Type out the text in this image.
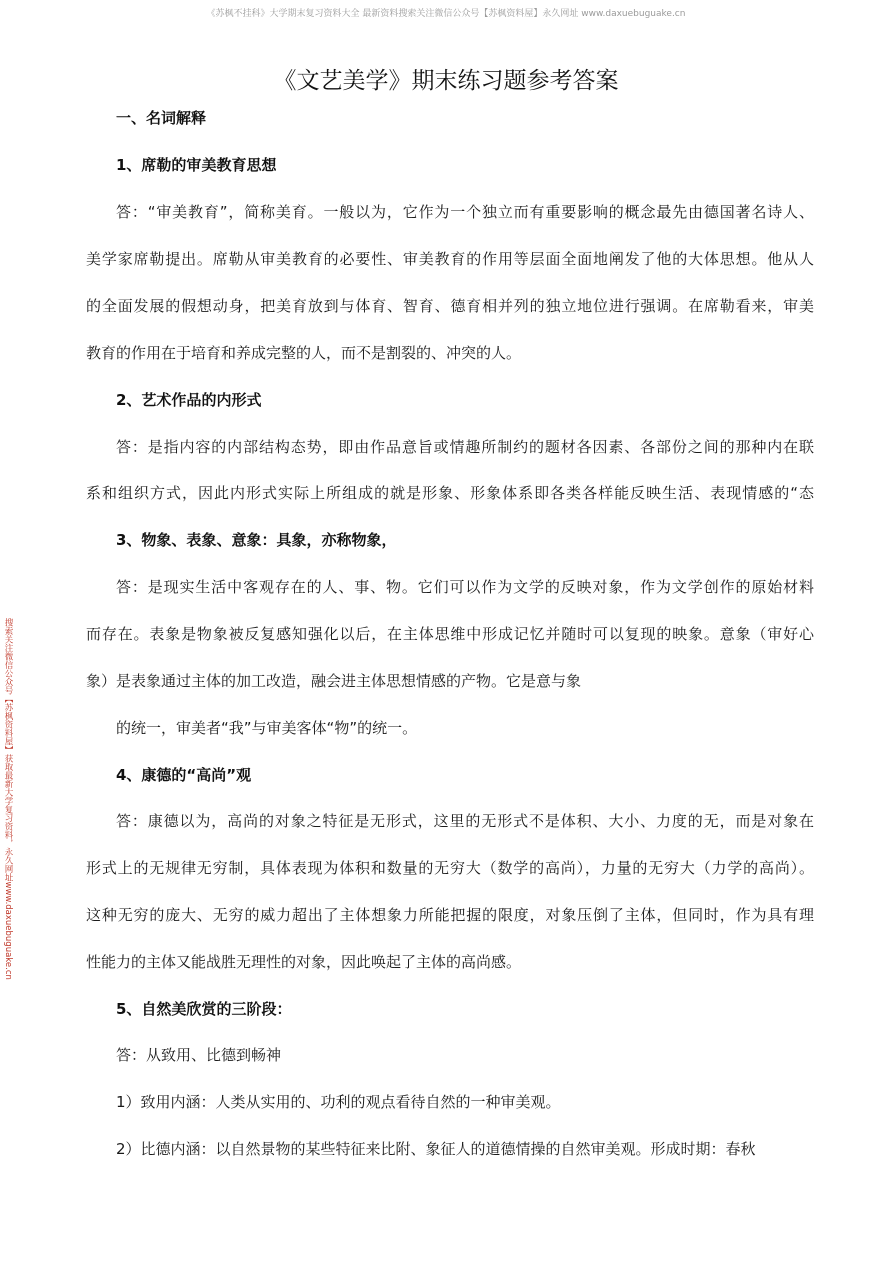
《苏枫不挂科》大学期末复习资料大全 最新资料搜索关注微信公众号【苏枫资料屋】永久网址 www.daxuebuguake.cn
搜索关注微信公众号【苏枫资料屋】获取最新大学复习资料，永久网址www.daxuebuguake.cn
《文艺美学》期末练习题参考答案
一、名词解释
1、席勒的审美教育思想
答：“审美教育”，简称美育。一般以为，它作为一个独立而有重要影响的概念最先由德国著名诗人、
美学家席勒提出。席勒从审美教育的必要性、审美教育的作用等层面全面地阐发了他的大体思想。他从人
的全面发展的假想动身，把美育放到与体育、智育、德育相并列的独立地位进行强调。在席勒看来，审美
教育的作用在于培育和养成完整的人，而不是割裂的、冲突的人。
2、艺术作品的内形式
答：是指内容的内部结构态势，即由作品意旨或情趣所制约的题材各因素、各部份之间的那种内在联
系和组织方式，因此内形式实际上所组成的就是形象、形象体系即各类各样能反映生活、表现情感的“态
3、物象、表象、意象：具象，亦称物象，
答：是现实生活中客观存在的人、事、物。它们可以作为文学的反映对象，作为文学创作的原始材料
而存在。表象是物象被反复感知强化以后，在主体思维中形成记忆并随时可以复现的映象。意象（审好心
象）是表象通过主体的加工改造，融会进主体思想情感的产物。它是意与象
的统一，审美者“我”与审美客体“物”的统一。
4、康德的“高尚”观
答：康德以为，高尚的对象之特征是无形式，这里的无形式不是体积、大小、力度的无，而是对象在
形式上的无规律无穷制，具体表现为体积和数量的无穷大（数学的高尚），力量的无穷大（力学的高尚）。
这种无穷的庞大、无穷的威力超出了主体想象力所能把握的限度，对象压倒了主体，但同时，作为具有理
性能力的主体又能战胜无理性的对象，因此唤起了主体的高尚感。
5、自然美欣赏的三阶段：
答：从致用、比德到畅神
1）致用内涵：人类从实用的、功利的观点看待自然的一种审美观。
2）比德内涵：以自然景物的某些特征来比附、象征人的道德情操的自然审美观。形成时期：春秋
